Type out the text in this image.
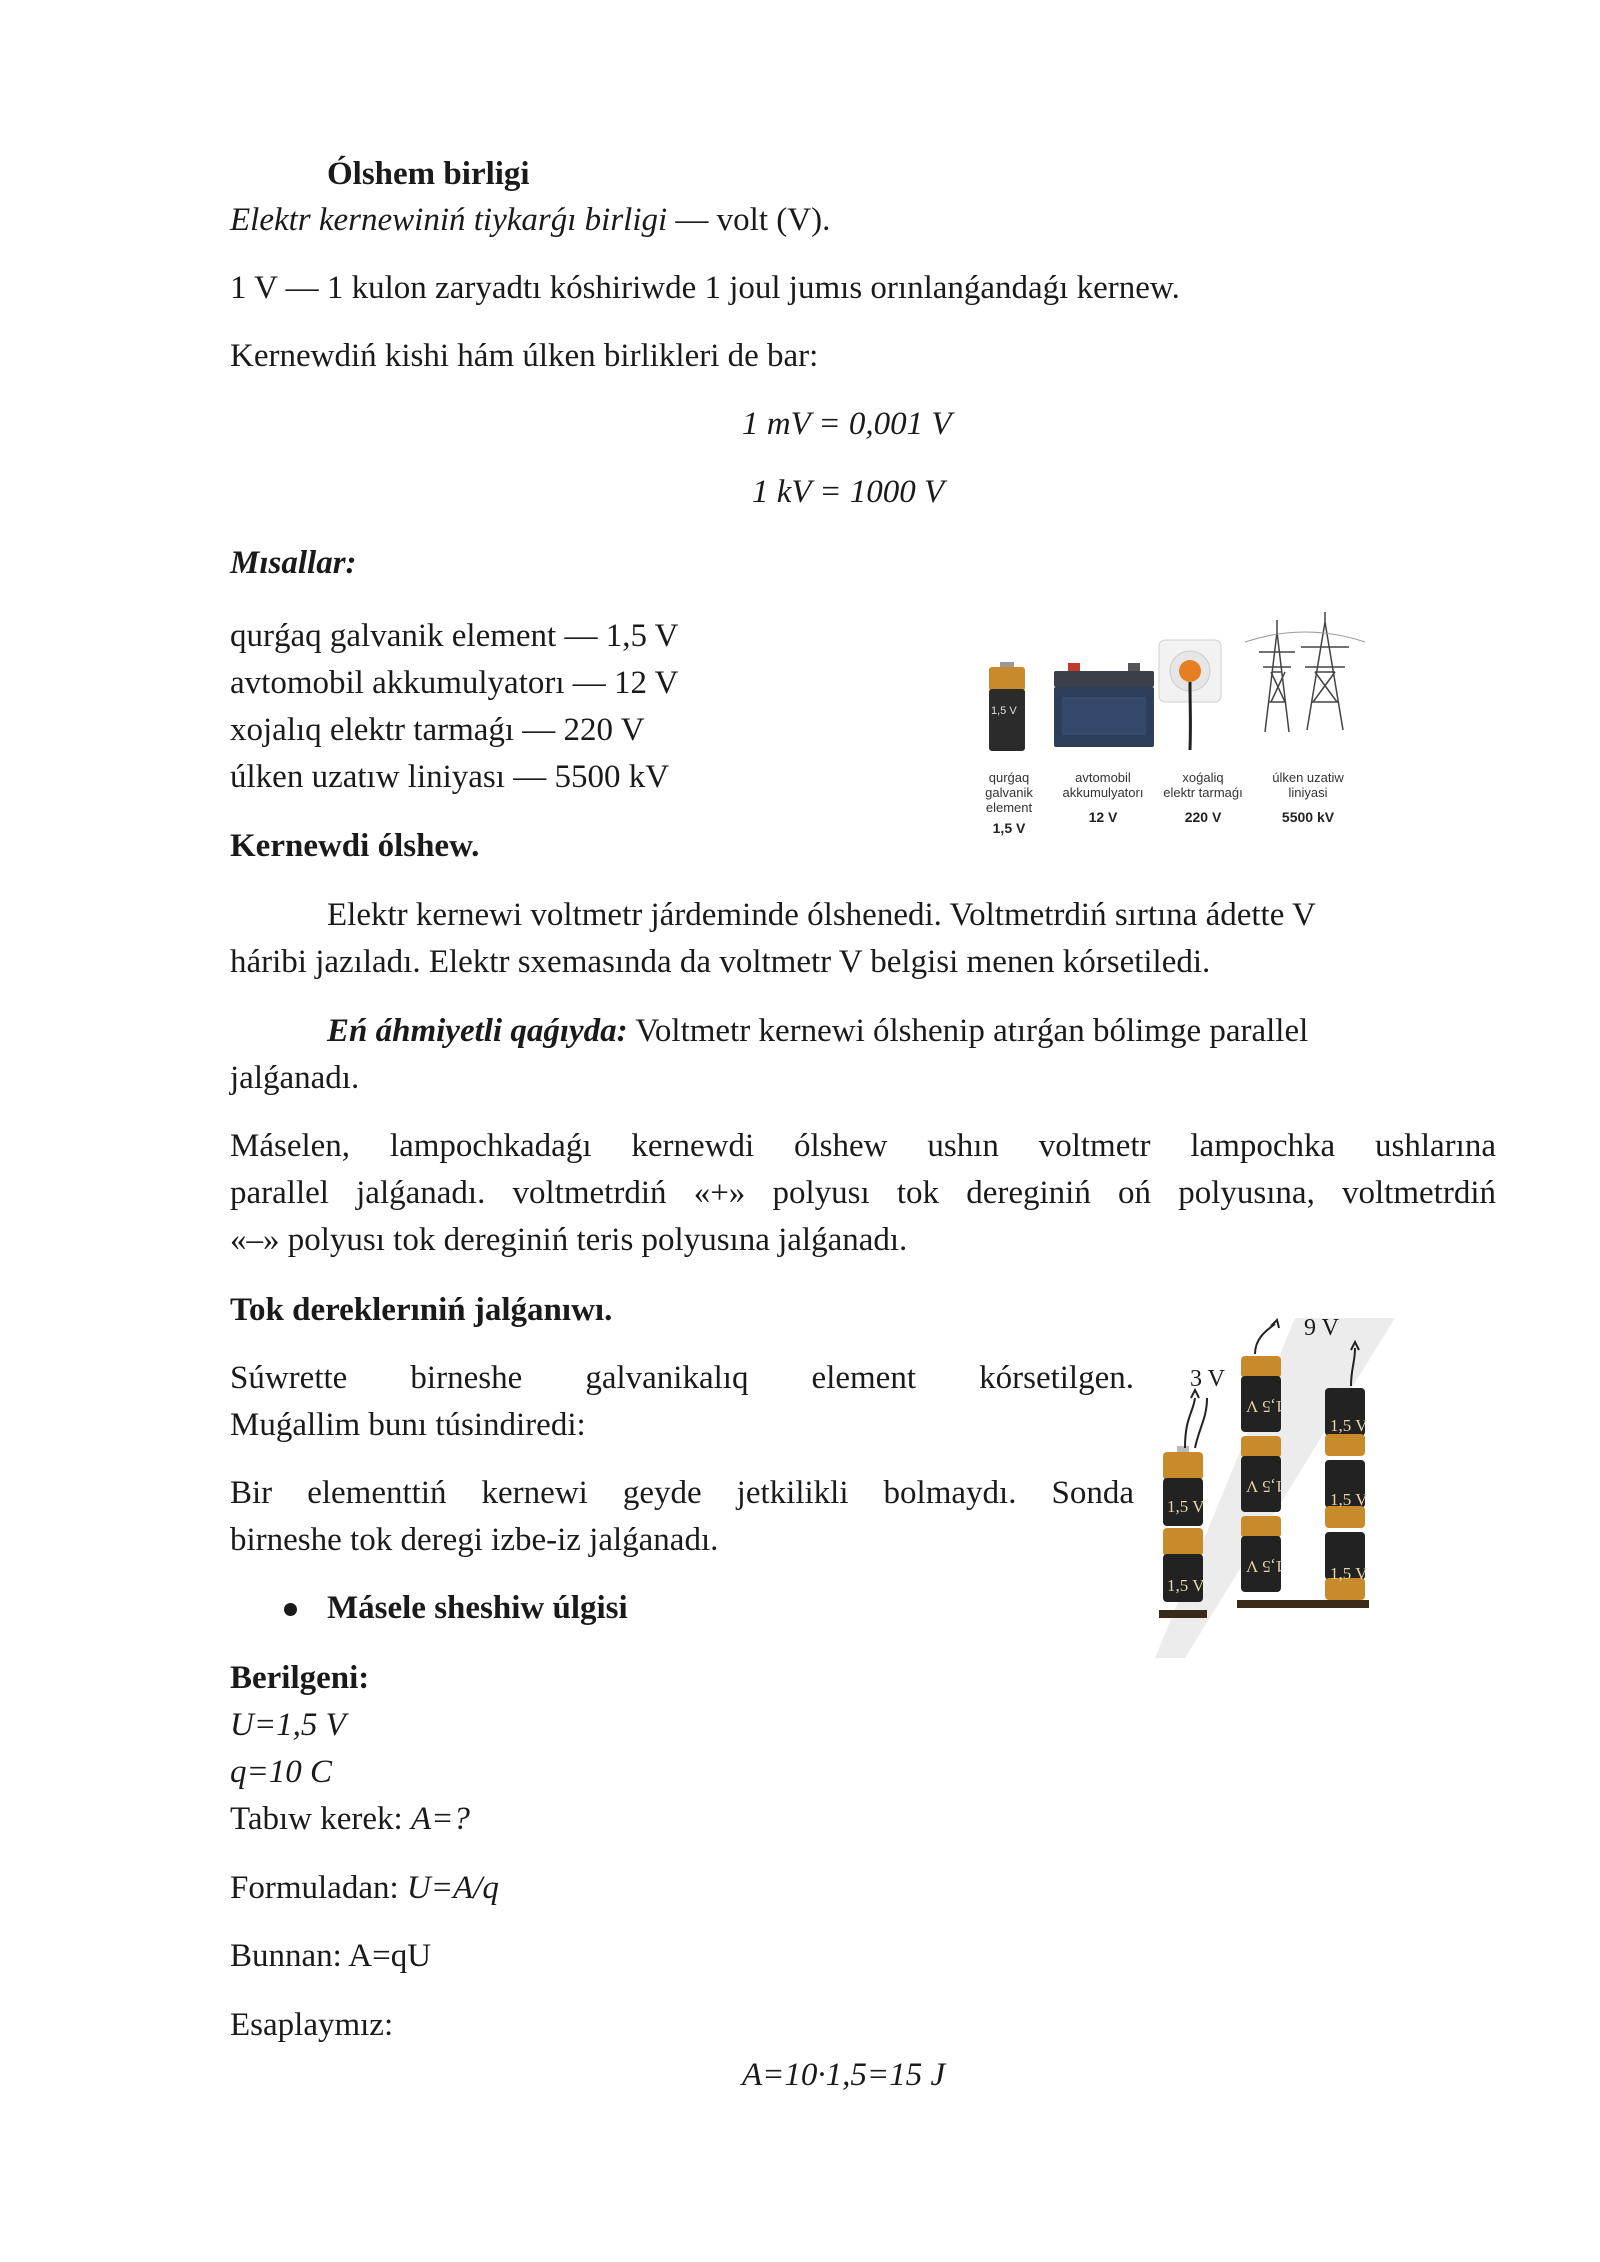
Ólshem birligi
Elektr kernewiniń tiykarǵı birligi — volt (V).
1 V — 1 kulon zaryadtı kóshiriwde 1 joul jumıs orınlanǵandaǵı kernew.
Kernewdiń kishi hám úlken birlikleri de bar:
1 mV = 0,001 V
1 kV = 1000 V
Mısallar:
qurǵaq galvanik element — 1,5 V
avtomobil akkumulyatorı — 12 V
xojalıq elektr tarmaǵı — 220 V
úlken uzatıw liniyası — 5500 kV
1,5 V
qurǵaq
galvanik
element
1,5 V
avtomobil
akkumulyatorı
12 V
xoǵaliq
elektr tarmaǵı
220 V
úlken uzatiw
liniyasi
5500 kV
Kernewdi ólshew.
Elektr kernewi voltmetr járdeminde ólshenedi. Voltmetrdiń sırtına ádette V
háribi jazıladı. Elektr sxemasında da voltmetr V belgisi menen kórsetiledi.
Eń áhmiyetli qaǵıyda: Voltmetr kernewi ólshenip atırǵan bólimge parallel
jalǵanadı.
Máselen, lampochkadaǵı kernewdi ólshew ushın voltmetr lampochka ushlarına
parallel jalǵanadı. voltmetrdiń «+» polyusı tok dereginiń oń polyusına, voltmetrdiń
«–» polyusı tok dereginiń teris polyusına jalǵanadı.
Tok dereklerıniń jalǵanıwı.
Súwrette birneshe galvanikalıq element kórsetilgen.
Muǵallim bunı túsindiredi:
Bir elementtiń kernewi geyde jetkilikli bolmaydı. Sonda
birneshe tok deregi izbe-iz jalǵanadı.
3 V
9 V
1,5 V
1,5 V
1,5 V
1,5 V
1,5 V
1,5 V
1,5 V
1,5 V
Másele sheshiw úlgisi
Berilgeni:
U=1,5 V
q=10 C
Tabıw kerek: A=?
Formuladan: U=A/q
Bunnan: A=qU
Esaplaymız:
A=10·1,5=15 J
